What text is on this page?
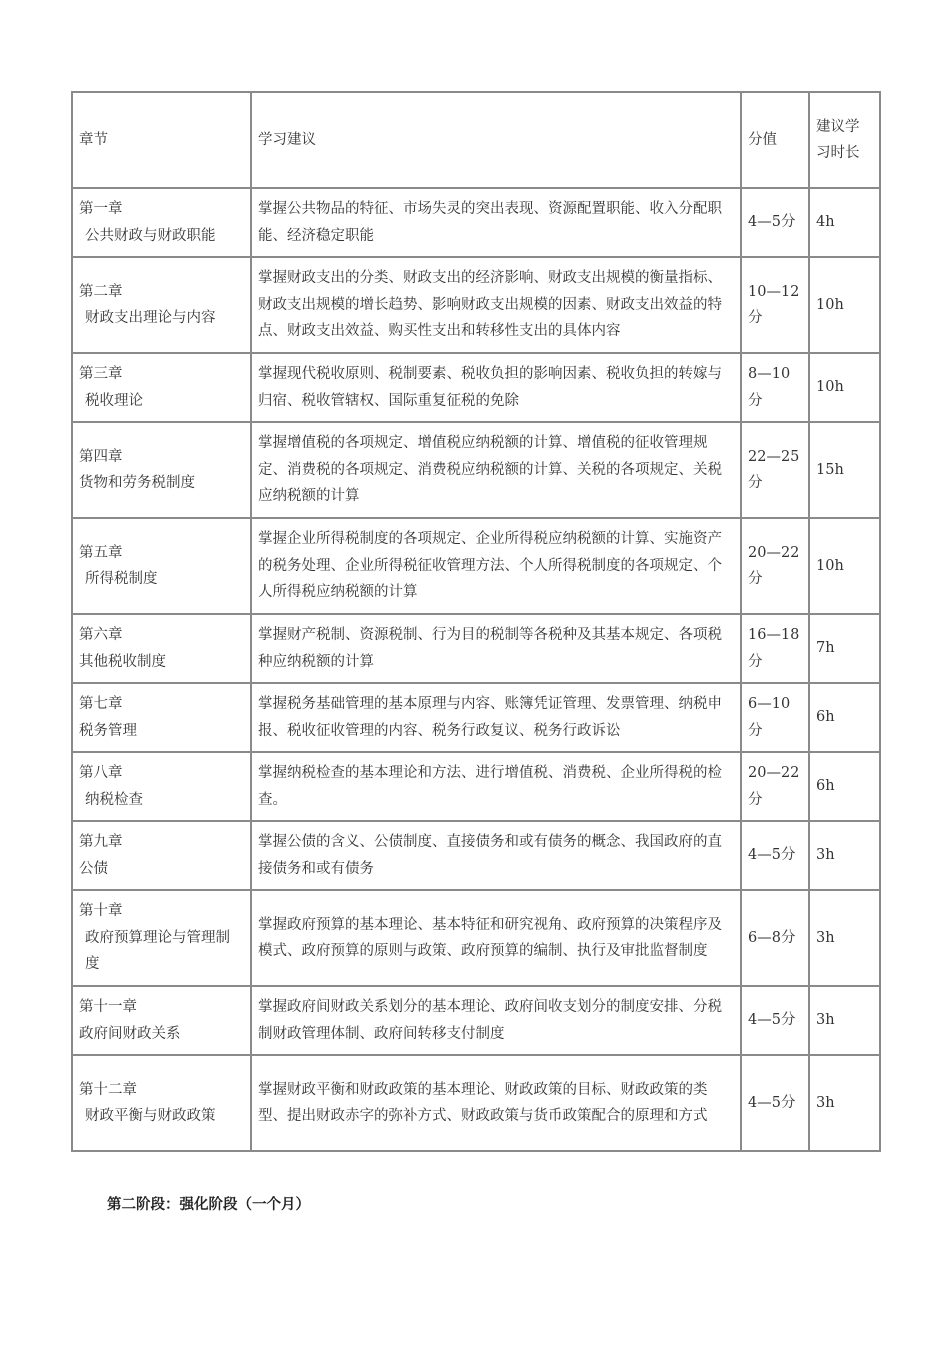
章节	学习建议	分值	建议学习时长

第一章
公共财政与财政职能	掌握公共物品的特征、市场失灵的突出表现、资源配置职能、收入分配职能、经济稳定职能	4—5分	4h

第二章
财政支出理论与内容	掌握财政支出的分类、财政支出的经济影响、财政支出规模的衡量指标、财政支出规模的增长趋势、影响财政支出规模的因素、财政支出效益的特点、财政支出效益、购买性支出和转移性支出的具体内容	10—12分	10h

第三章
税收理论	掌握现代税收原则、税制要素、税收负担的影响因素、税收负担的转嫁与归宿、税收管辖权、国际重复征税的免除	8—10分	10h

第四章
货物和劳务税制度	掌握增值税的各项规定、增值税应纳税额的计算、增值税的征收管理规定、消费税的各项规定、消费税应纳税额的计算、关税的各项规定、关税应纳税额的计算	22—25分	15h

第五章
所得税制度	掌握企业所得税制度的各项规定、企业所得税应纳税额的计算、实施资产的税务处理、企业所得税征收管理方法、个人所得税制度的各项规定、个人所得税应纳税额的计算	20—22分	10h

第六章
其他税收制度	掌握财产税制、资源税制、行为目的税制等各税种及其基本规定、各项税种应纳税额的计算	16—18分	7h

第七章
税务管理	掌握税务基础管理的基本原理与内容、账簿凭证管理、发票管理、纳税申报、税收征收管理的内容、税务行政复议、税务行政诉讼	6—10分	6h

第八章
纳税检查	掌握纳税检查的基本理论和方法、进行增值税、消费税、企业所得税的检查。	20—22分	6h

第九章
公债	掌握公债的含义、公债制度、直接债务和或有债务的概念、我国政府的直接债务和或有债务	4—5分	3h

第十章
政府预算理论与管理制度	掌握政府预算的基本理论、基本特征和研究视角、政府预算的决策程序及模式、政府预算的原则与政策、政府预算的编制、执行及审批监督制度	6—8分	3h

第十一章
政府间财政关系	掌握政府间财政关系划分的基本理论、政府间收支划分的制度安排、分税制财政管理体制、政府间转移支付制度	4—5分	3h

第十二章
财政平衡与财政政策	掌握财政平衡和财政政策的基本理论、财政政策的目标、财政政策的类型、提出财政赤字的弥补方式、财政政策与货币政策配合的原理和方式	4—5分	3h
第二阶段：强化阶段（一个月）
